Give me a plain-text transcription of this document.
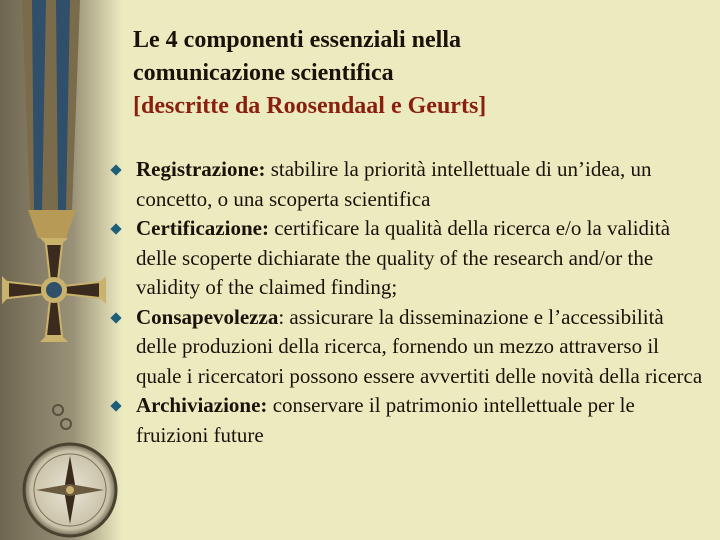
Le 4 componenti essenziali nella
comunicazione scientifica
[descritte da Roosendaal e Geurts]
Registrazione: stabilire la priorità intellettuale di un’idea, un concetto, o una scoperta scientifica
Certificazione: certificare la qualità della ricerca e/o la validità delle scoperte dichiarate the quality of the research and/or the validity of the claimed finding;
Consapevolezza: assicurare la disseminazione e l’accessibilità delle produzioni della ricerca, fornendo un mezzo attraverso il quale i ricercatori possono essere avvertiti delle novità della ricerca
Archiviazione: conservare il patrimonio intellettuale per le fruizioni future
